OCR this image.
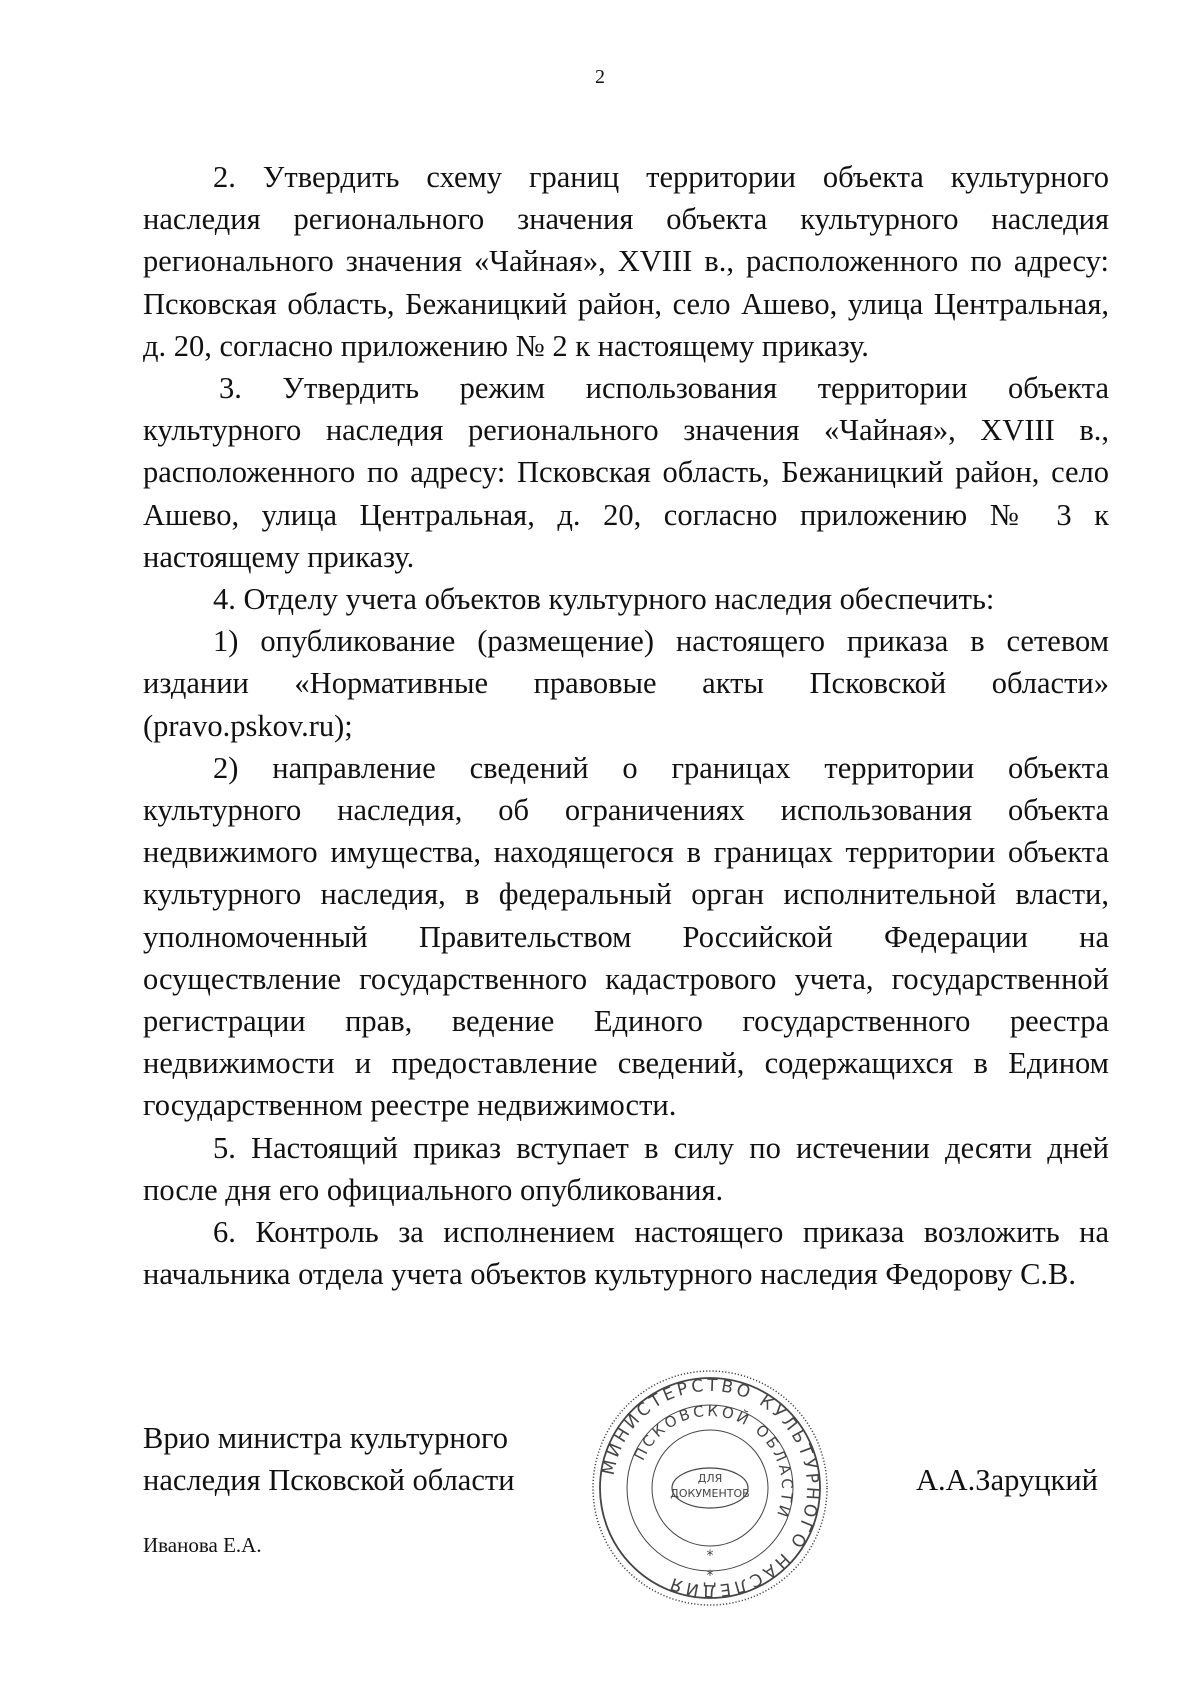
2

2. Утвердить схему границ территории объекта культурного наследия регионального значения объекта культурного наследия регионального значения «Чайная», XVIII в., расположенного по адресу: Псковская область, Бежаницкий район, село Ашево, улица Центральная, д. 20, согласно приложению № 2 к настоящему приказу.

3. Утвердить режим использования территории объекта культурного наследия регионального значения «Чайная», XVIII в., расположенного по адресу: Псковская область, Бежаницкий район, село Ашево, улица Центральная, д. 20, согласно приложению № 3 к настоящему приказу.

4. Отделу учета объектов культурного наследия обеспечить:

1) опубликование (размещение) настоящего приказа в сетевом издании «Нормативные правовые акты Псковской области» (pravo.pskov.ru);

2) направление сведений о границах территории объекта культурного наследия, об ограничениях использования объекта недвижимого имущества, находящегося в границах территории объекта культурного наследия, в федеральный орган исполнительной власти, уполномоченный Правительством Российской Федерации на осуществление государственного кадастрового учета, государственной регистрации прав, ведение Единого государственного реестра недвижимости и предоставление сведений, содержащихся в Едином государственном реестре недвижимости.

5. Настоящий приказ вступает в силу по истечении десяти дней после дня его официального опубликования.

6. Контроль за исполнением настоящего приказа возложить на начальника отдела учета объектов культурного наследия Федорову С.В.

Врио министра культурного
наследия Псковской области	А.А.Заруцкий
Иванова Е.А.
МИНИСТЕРСТВО КУЛЬТУРНОГО НАСЛЕДИЯ
ПСКОВСКОЙ ОБЛАСТИ
ДЛЯ
ДОКУМЕНТОВ
*
*
